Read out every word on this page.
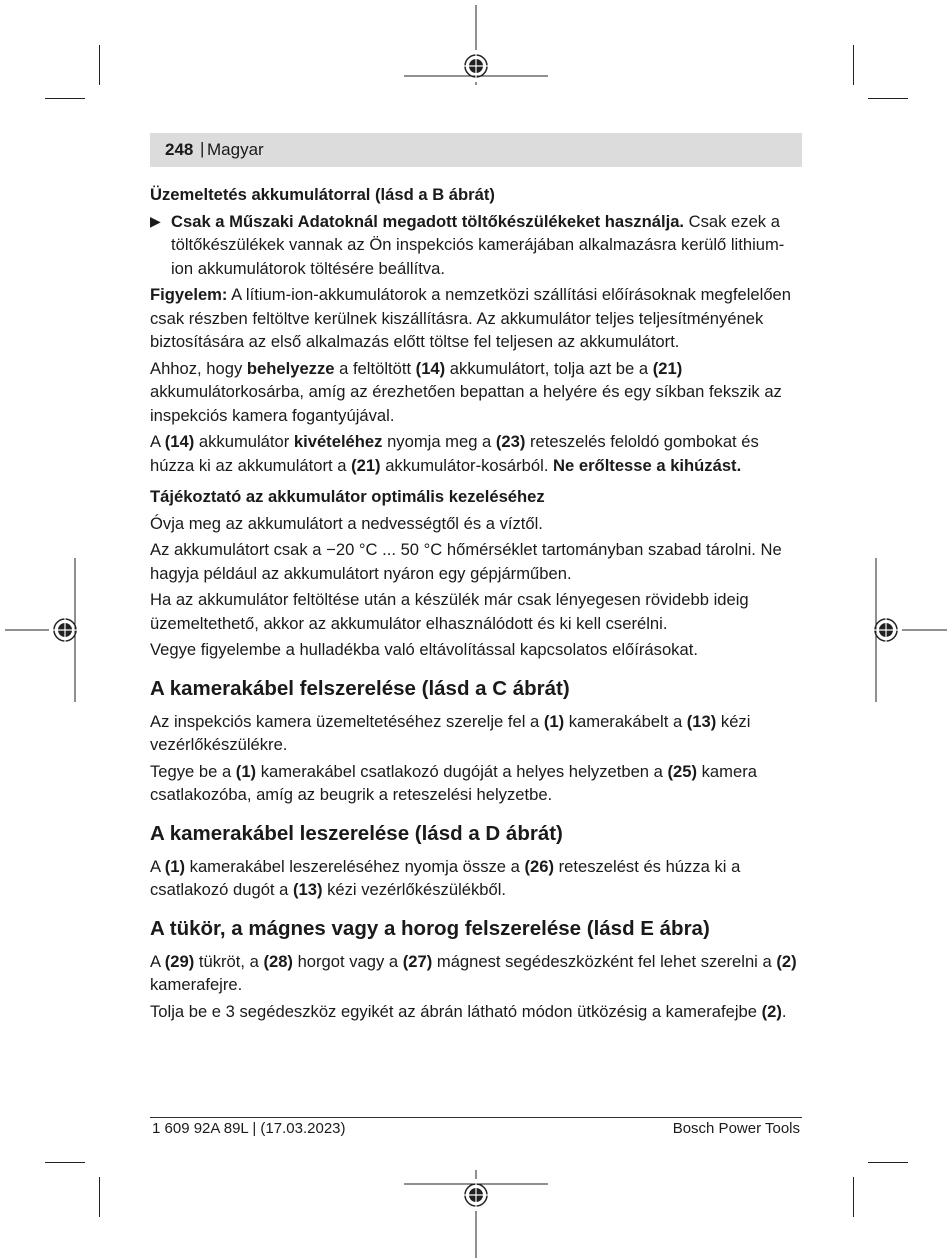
248 | Magyar

Üzemeltetés akkumulátorral (lásd a B ábrát)

▶ Csak a Műszaki Adatoknál megadott töltőkészülékeket használja. Csak ezek a töltőkészülékek vannak az Ön inspekciós kamerájában alkalmazásra kerülő lithium-ion akkumulátorok töltésére beállítva.

Figyelem: A lítium-ion-akkumulátorok a nemzetközi szállítási előírásoknak megfelelően csak részben feltöltve kerülnek kiszállításra. Az akkumulátor teljes teljesítményének biztosítására az első alkalmazás előtt töltse fel teljesen az akkumulátort.

Ahhoz, hogy behelyezze a feltöltött (14) akkumulátort, tolja azt be a (21) akkumulátorkosárba, amíg az érezhetően bepattan a helyére és egy síkban fekszik az inspekciós kamera fogantyújával.

A (14) akkumulátor kivételéhez nyomja meg a (23) reteszelés feloldó gombokat és húzza ki az akkumulátort a (21) akkumulátor-kosárból. Ne erőltesse a kihúzást.

Tájékoztató az akkumulátor optimális kezeléséhez

Óvja meg az akkumulátort a nedvességtől és a víztől.

Az akkumulátort csak a −20 °C ... 50 °C hőmérséklet tartományban szabad tárolni. Ne hagyja például az akkumulátort nyáron egy gépjárműben.

Ha az akkumulátor feltöltése után a készülék már csak lényegesen rövidebb ideig üzemeltethető, akkor az akkumulátor elhasználódott és ki kell cserélni.

Vegye figyelembe a hulladékba való eltávolítással kapcsolatos előírásokat.

A kamerakábel felszerelése (lásd a C ábrát)

Az inspekciós kamera üzemeltetéséhez szerelje fel a (1) kamerakábelt a (13) kézi vezérlőkészülékre.

Tegye be a (1) kamerakábel csatlakozó dugóját a helyes helyzetben a (25) kamera csatlakozóba, amíg az beugrik a reteszelési helyzetbe.

A kamerakábel leszerelése (lásd a D ábrát)

A (1) kamerakábel leszereléséhez nyomja össze a (26) reteszelést és húzza ki a csatlakozó dugót a (13) kézi vezérlőkészülékből.

A tükör, a mágnes vagy a horog felszerelése (lásd E ábra)

A (29) tükröt, a (28) horgot vagy a (27) mágnest segédeszközként fel lehet szerelni a (2) kamerafejre.

Tolja be e 3 segédeszköz egyikét az ábrán látható módon ütközésig a kamerafejbe (2).

1 609 92A 89L | (17.03.2023)	Bosch Power Tools
